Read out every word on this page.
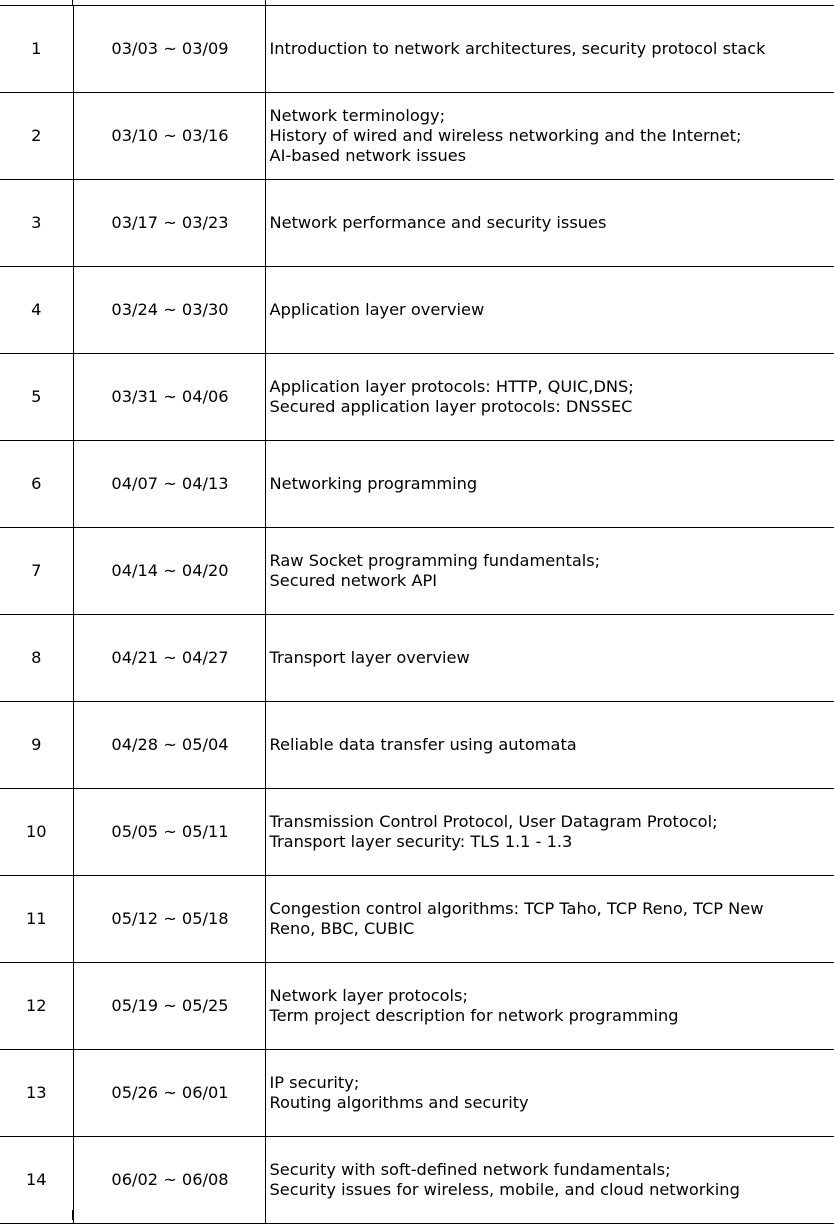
1	03/03 ~ 03/09	Introduction to network architectures, security protocol stack

2	03/10 ~ 03/16	Network terminology;
History of wired and wireless networking and the Internet;
AI-based network issues

3	03/17 ~ 03/23	Network performance and security issues

4	03/24 ~ 03/30	Application layer overview

5	03/31 ~ 04/06	Application layer protocols: HTTP, QUIC,DNS;
Secured application layer protocols: DNSSEC

6	04/07 ~ 04/13	Networking programming

7	04/14 ~ 04/20	Raw Socket programming fundamentals;
Secured network API

8	04/21 ~ 04/27	Transport layer overview

9	04/28 ~ 05/04	Reliable data transfer using automata

10	05/05 ~ 05/11	Transmission Control Protocol, User Datagram Protocol;
Transport layer security: TLS 1.1 - 1.3

11	05/12 ~ 05/18	Congestion control algorithms: TCP Taho, TCP Reno, TCP New
Reno, BBC, CUBIC

12	05/19 ~ 05/25	Network layer protocols;
Term project description for network programming

13	05/26 ~ 06/01	IP security;
Routing algorithms and security

14	06/02 ~ 06/08	Security with soft-defined network fundamentals;
Security issues for wireless, mobile, and cloud networking
